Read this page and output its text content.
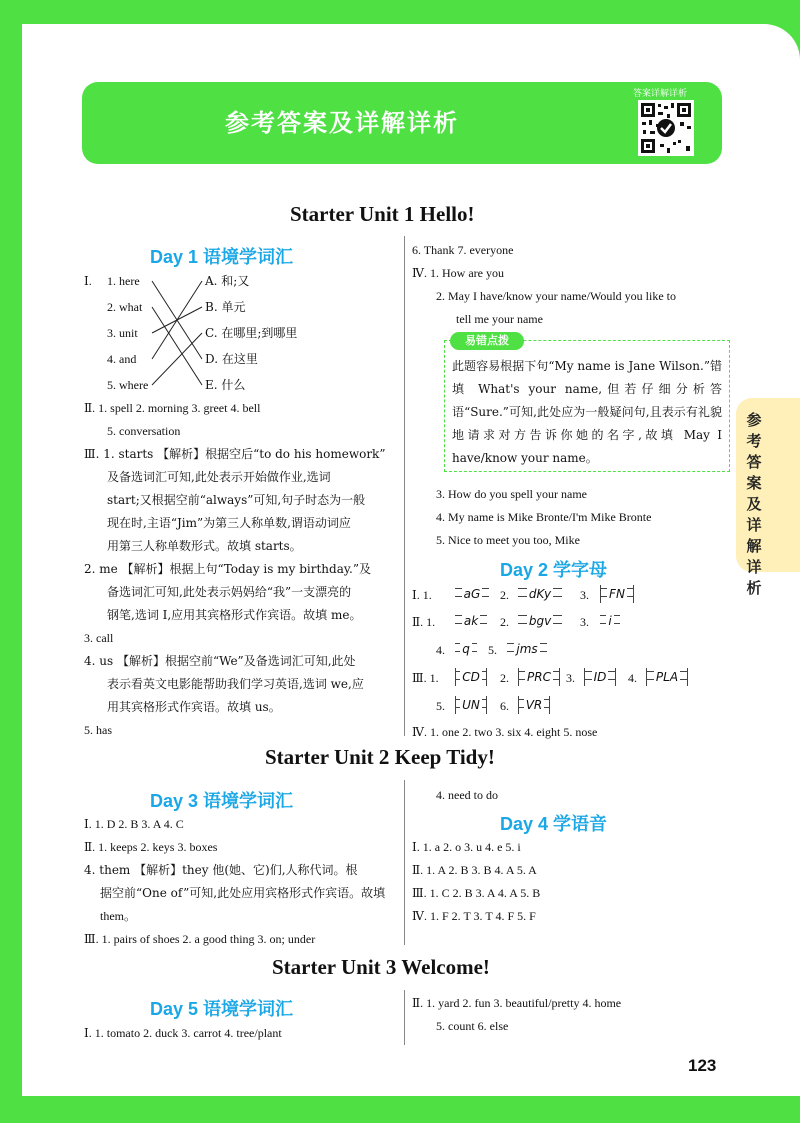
参考答案及详解详析
答案详解详析
参考答案及详解详析
Starter Unit 1 Hello!
Day 1 语境学词汇
Ⅰ. 1. here
2. what
3. unit
4. and
5. where
A. 和;又
B. 单元
C. 在哪里;到哪里
D. 在这里
E. 什么
Ⅱ. 1. spell 2. morning 3. greet 4. bell
5. conversation
Ⅲ. 1. starts 【解析】根据空后“to do his homework”
及备选词汇可知,此处表示开始做作业,选词
start;又根据空前“always”可知,句子时态为一般
现在时,主语“Jim”为第三人称单数,谓语动词应
用第三人称单数形式。故填 starts。
2. me 【解析】根据上句“Today is my birthday.”及
备选词汇可知,此处表示妈妈给“我”一支漂亮的
钢笔,选词 I,应用其宾格形式作宾语。故填 me。
3. call
4. us 【解析】根据空前“We”及备选词汇可知,此处
表示看英文电影能帮助我们学习英语,选词 we,应
用其宾格形式作宾语。故填 us。
5. has
6. Thank 7. everyone
Ⅳ. 1. How are you
2. May I have/know your name/Would you like to
tell me your name
易错点拨
此题容易根据下句“My name is Jane Wilson.”错填 What's your name,但若仔细分析答语“Sure.”可知,此处应为一般疑问句,且表示有礼貌地请求对方告诉你她的名字,故填 May I have/know your name。
3. How do you spell your name
4. My name is Mike Bronte/I'm Mike Bronte
5. Nice to meet you too, Mike
Day 2 学字母
Ⅰ. 1.	aG	2.	dKy	3.	FN
Ⅱ. 1.	ak	2.	bgv	3.	i
4.	q	5.	jms
Ⅲ. 1.	CD	2.	PRC	3.	ID	4.	PLA
5.	UN	6.	VR
Ⅳ. 1. one 2. two 3. six 4. eight 5. nose
Starter Unit 2 Keep Tidy!
Day 3 语境学词汇
Ⅰ. 1. D 2. B 3. A 4. C
Ⅱ. 1. keeps 2. keys 3. boxes
4. them 【解析】they 他(她、它)们,人称代词。根
据空前“One of”可知,此处应用宾格形式作宾语。故填
them。
Ⅲ. 1. pairs of shoes 2. a good thing 3. on; under
4. need to do
Day 4 学语音
Ⅰ. 1. a 2. o 3. u 4. e 5. i
Ⅱ. 1. A 2. B 3. B 4. A 5. A
Ⅲ. 1. C 2. B 3. A 4. A 5. B
Ⅳ. 1. F 2. T 3. T 4. F 5. F
Starter Unit 3 Welcome!
Day 5 语境学词汇
Ⅰ. 1. tomato 2. duck 3. carrot 4. tree/plant
Ⅱ. 1. yard 2. fun 3. beautiful/pretty 4. home
5. count 6. else
123
